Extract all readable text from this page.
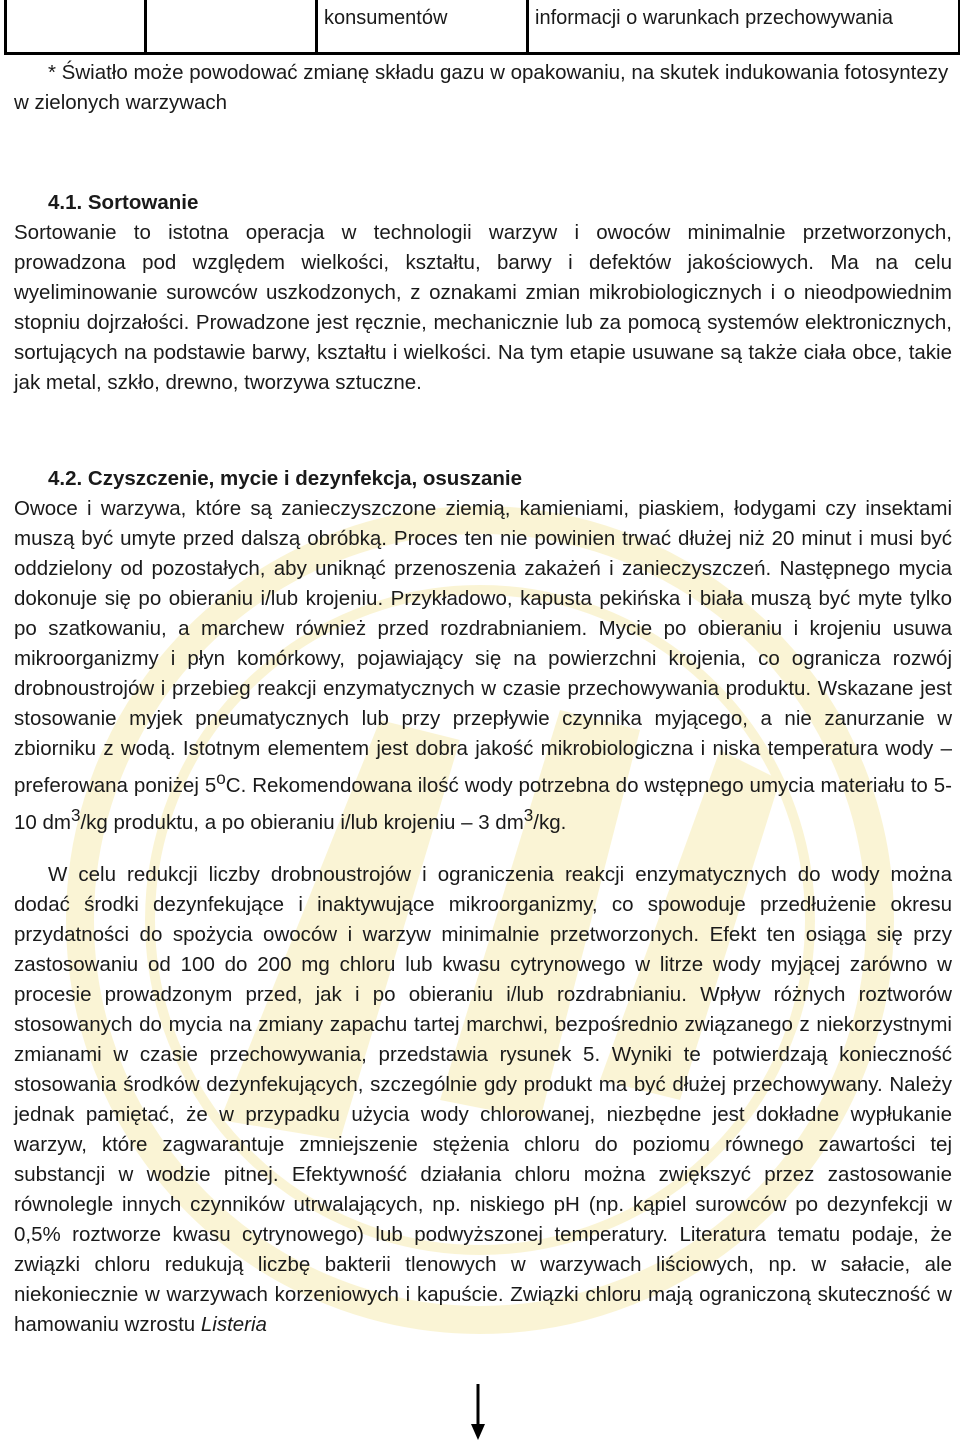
		konsumentów	informacji o warunkach przechowywania

* Światło może powodować zmianę składu gazu w opakowaniu, na skutek indukowania fotosyntezy w zielonych warzywach

4.1. Sortowanie

Sortowanie to istotna operacja w technologii warzyw i owoców minimalnie przetworzonych, prowadzona pod względem wielkości, kształtu, barwy i defektów jakościowych. Ma na celu wyeliminowanie surowców uszkodzonych, z oznakami zmian mikrobiologicznych i o nieodpowiednim stopniu dojrzałości. Prowadzone jest ręcznie, mechanicznie lub za pomocą systemów elektronicznych, sortujących na podstawie barwy, kształtu i wielkości. Na tym etapie usuwane są także ciała obce, takie jak metal, szkło, drewno, tworzywa sztuczne.

4.2. Czyszczenie, mycie i dezynfekcja, osuszanie

Owoce i warzywa, które są zanieczyszczone ziemią, kamieniami, piaskiem, łodygami czy insektami muszą być umyte przed dalszą obróbką. Proces ten nie powinien trwać dłużej niż 20 minut i musi być oddzielony od pozostałych, aby uniknąć przenoszenia zakażeń i zanieczyszczeń. Następnego mycia dokonuje się po obieraniu i/lub krojeniu. Przykładowo, kapusta pekińska i biała muszą być myte tylko po szatkowaniu, a marchew również przed rozdrabnianiem. Mycie po obieraniu i krojeniu usuwa mikroorganizmy i płyn komórkowy, pojawiający się na powierzchni krojenia, co ogranicza rozwój drobnoustrojów i przebieg reakcji enzymatycznych w czasie przechowywania produktu. Wskazane jest stosowanie myjek pneumatycznych lub przy przepływie czynnika myjącego, a nie zanurzanie w zbiorniku z wodą. Istotnym elementem jest dobra jakość mikrobiologiczna i niska temperatura wody – preferowana poniżej 5$^o$C. Rekomendowana ilość wody potrzebna do wstępnego umycia materiału to 5-10 $dm^3/kg$ produktu, a po obieraniu i/lub krojeniu – 3 $dm^3/kg$.

W celu redukcji liczby drobnoustrojów i ograniczenia reakcji enzymatycznych do wody można dodać środki dezynfekujące i inaktywujące mikroorganizmy, co spowoduje przedłużenie okresu przydatności do spożycia owoców i warzyw minimalnie przetworzonych. Efekt ten osiąga się przy zastosowaniu od 100 do 200 mg chloru lub kwasu cytrynowego w litrze wody myjącej zarówno w procesie prowadzonym przed, jak i po obieraniu i/lub rozdrabnianiu. Wpływ różnych roztworów stosowanych do mycia na zmiany zapachu tartej marchwi, bezpośrednio związanego z niekorzystnymi zmianami w czasie przechowywania, przedstawia rysunek 5. Wyniki te potwierdzają konieczność stosowania środków dezynfekujących, szczególnie gdy produkt ma być dłużej przechowywany. Należy jednak pamiętać, że w przypadku użycia wody chlorowanej, niezbędne jest dokładne wypłukanie warzyw, które zagwarantuje zmniejszenie stężenia chloru do poziomu równego zawartości tej substancji w wodzie pitnej. Efektywność działania chloru można zwiększyć przez zastosowanie równolegle innych czynników utrwalających, np. niskiego pH (np. kąpiel surowców po dezynfekcji w 0,5% roztworze kwasu cytrynowego) lub podwyższonej temperatury. Literatura tematu podaje, że związki chloru redukują liczbę bakterii tlenowych w warzywach liściowych, np. w sałacie, ale niekoniecznie w warzywach korzeniowych i kapuście. Związki chloru mają ograniczoną skuteczność w hamowaniu wzrostu Listeria
